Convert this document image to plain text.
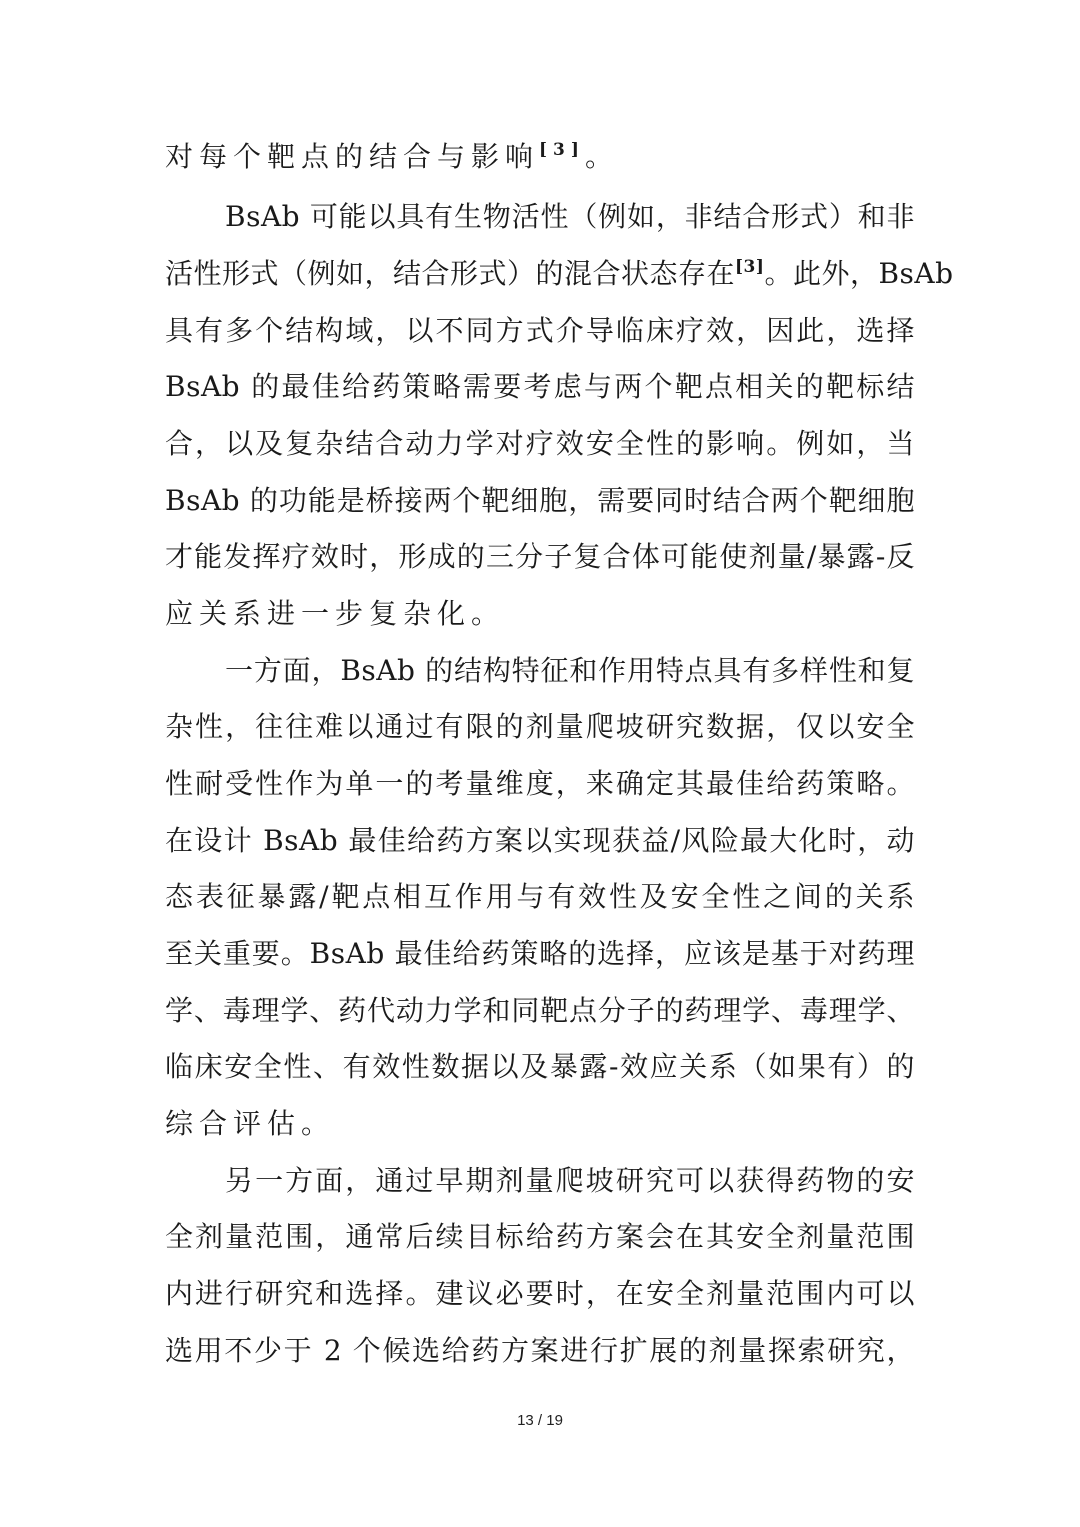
对每个靶点的结合与影响[3]。
BsAb 可能以具有生物活性（例如，非结合形式）和非
活性形式（例如，结合形式）的混合状态存在[3]。此外，BsAb
具有多个结构域，以不同方式介导临床疗效，因此，选择
BsAb 的最佳给药策略需要考虑与两个靶点相关的靶标结
合，以及复杂结合动力学对疗效安全性的影响。例如，当
BsAb 的功能是桥接两个靶细胞，需要同时结合两个靶细胞
才能发挥疗效时，形成的三分子复合体可能使剂量/暴露-反
应关系进一步复杂化。
一方面，BsAb 的结构特征和作用特点具有多样性和复
杂性，往往难以通过有限的剂量爬坡研究数据，仅以安全
性耐受性作为单一的考量维度，来确定其最佳给药策略。
在设计 BsAb 最佳给药方案以实现获益/风险最大化时，动
态表征暴露/靶点相互作用与有效性及安全性之间的关系
至关重要。BsAb 最佳给药策略的选择，应该是基于对药理
学、毒理学、药代动力学和同靶点分子的药理学、毒理学、
临床安全性、有效性数据以及暴露-效应关系（如果有）的
综合评估。
另一方面，通过早期剂量爬坡研究可以获得药物的安
全剂量范围，通常后续目标给药方案会在其安全剂量范围
内进行研究和选择。建议必要时，在安全剂量范围内可以
选用不少于 2 个候选给药方案进行扩展的剂量探索研究，
13 / 19
